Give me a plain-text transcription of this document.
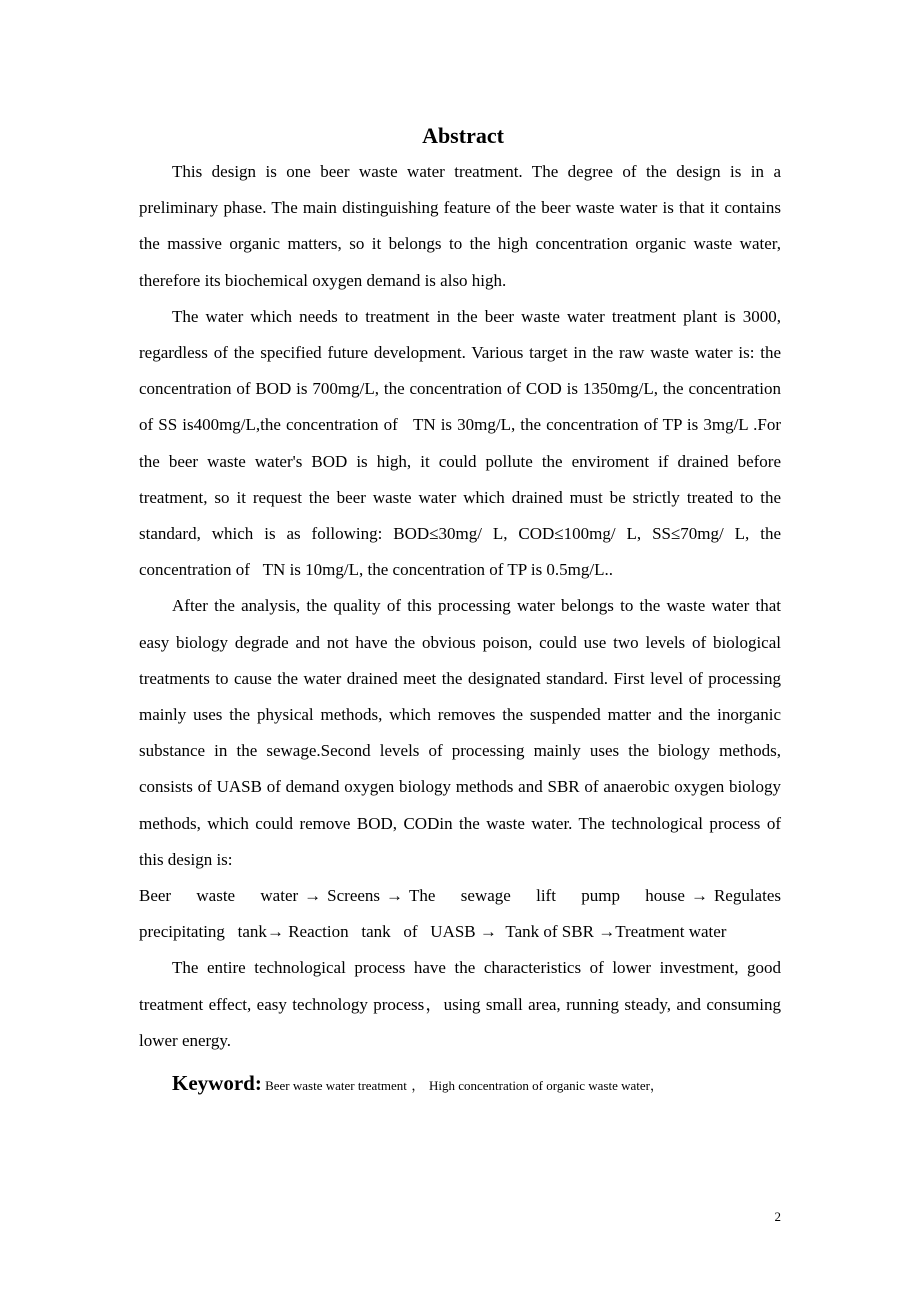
Abstract

This design is one beer waste water treatment. The degree of the design is in a preliminary phase. The main distinguishing feature of the beer waste water is that it contains the massive organic matters, so it belongs to the high concentration organic waste water, therefore its biochemical oxygen demand is also high.

The water which needs to treatment in the beer waste water treatment plant is 3000, regardless of the specified future development. Various target in the raw waste water is: the concentration of BOD is 700mg/L, the concentration of COD is 1350mg/L, the concentration of SS is400mg/L,the concentration of   TN is 30mg/L, the concentration of TP is 3mg/L .For the beer waste water's BOD is high, it could pollute the enviroment if drained before treatment, so it request the beer waste water which drained must be strictly treated to the standard, which is as following: BOD≤30mg/ L, COD≤100mg/ L, SS≤70mg/ L, the concentration of   TN is 10mg/L, the concentration of TP is 0.5mg/L..

After the analysis, the quality of this processing water belongs to the waste water that easy biology degrade and not have the obvious poison, could use two levels of biological treatments to cause the water drained meet the designated standard. First level of processing mainly uses the physical methods, which removes the suspended matter and the inorganic substance in the sewage.Second levels of processing mainly uses the biology methods, consists of UASB of demand oxygen biology methods and SBR of anaerobic oxygen biology methods, which could remove BOD, CODin the waste water. The technological process of this design is:

Beer waste water → Screens → The sewage lift pump house → Regulates precipitating   tank→ Reaction   tank   of   UASB →  Tank of SBR →Treatment water

The entire technological process have the characteristics of lower investment, good treatment effect, easy technology process，using small area, running steady, and consuming lower energy.

Keyword: Beer waste water treatment ， High concentration of organic waste water，
2
